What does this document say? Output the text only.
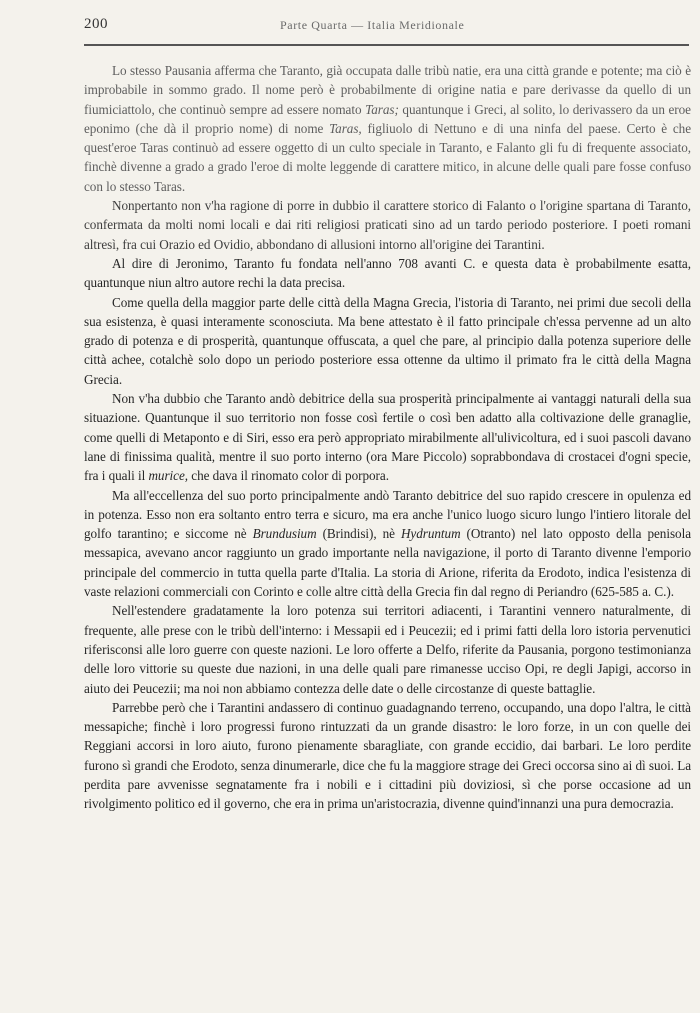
200	Parte Quarta — Italia Meridionale

Lo stesso Pausania afferma che Taranto, già occupata dalle tribù natie, era una città grande e potente; ma ciò è improbabile in sommo grado. Il nome però è probabilmente di origine natia e pare derivasse da quello di un fiumiciattolo, che continuò sempre ad essere nomato Taras; quantunque i Greci, al solito, lo derivassero da un eroe eponimo (che dà il proprio nome) di nome Taras, figliuolo di Nettuno e di una ninfa del paese. Certo è che quest'eroe Taras continuò ad essere oggetto di un culto speciale in Taranto, e Falanto gli fu di frequente associato, finchè divenne a grado a grado l'eroe di molte leggende di carattere mitico, in alcune delle quali pare fosse confuso con lo stesso Taras.

Nonpertanto non v'ha ragione di porre in dubbio il carattere storico di Falanto o l'origine spartana di Taranto, confermata da molti nomi locali e dai riti religiosi praticati sino ad un tardo periodo posteriore. I poeti romani altresì, fra cui Orazio ed Ovidio, abbondano di allusioni intorno all'origine dei Tarantini.

Al dire di Jeronimo, Taranto fu fondata nell'anno 708 avanti C. e questa data è probabilmente esatta, quantunque niun altro autore rechi la data precisa.

Come quella della maggior parte delle città della Magna Grecia, l'istoria di Taranto, nei primi due secoli della sua esistenza, è quasi interamente sconosciuta. Ma bene attestato è il fatto principale ch'essa pervenne ad un alto grado di potenza e di prosperità, quantunque offuscata, a quel che pare, al principio dalla potenza superiore delle città achee, cotalchè solo dopo un periodo posteriore essa ottenne da ultimo il primato fra le città della Magna Grecia.

Non v'ha dubbio che Taranto andò debitrice della sua prosperità principalmente ai vantaggi naturali della sua situazione. Quantunque il suo territorio non fosse così fertile o così ben adatto alla coltivazione delle granaglie, come quelli di Metaponto e di Siri, esso era però appropriato mirabilmente all'ulivicoltura, ed i suoi pascoli davano lane di finissima qualità, mentre il suo porto interno (ora Mare Piccolo) soprabbondava di crostacei d'ogni specie, fra i quali il murice, che dava il rinomato color di porpora.

Ma all'eccellenza del suo porto principalmente andò Taranto debitrice del suo rapido crescere in opulenza ed in potenza. Esso non era soltanto entro terra e sicuro, ma era anche l'unico luogo sicuro lungo l'intiero litorale del golfo tarantino; e siccome nè Brundusium (Brindisi), nè Hydruntum (Otranto) nel lato opposto della penisola messapica, avevano ancor raggiunto un grado importante nella navigazione, il porto di Taranto divenne l'emporio principale del commercio in tutta quella parte d'Italia. La storia di Arione, riferita da Erodoto, indica l'esistenza di vaste relazioni commerciali con Corinto e colle altre città della Grecia fin dal regno di Periandro (625-585 a. C.).

Nell'estendere gradatamente la loro potenza sui territori adiacenti, i Tarantini vennero naturalmente, di frequente, alle prese con le tribù dell'interno: i Messapii ed i Peucezii; ed i primi fatti della loro istoria pervenutici riferisconsi alle loro guerre con queste nazioni. Le loro offerte a Delfo, riferite da Pausania, porgono testimonianza delle loro vittorie su queste due nazioni, in una delle quali pare rimanesse ucciso Opi, re degli Japigi, accorso in aiuto dei Peucezii; ma noi non abbiamo contezza delle date o delle circostanze di queste battaglie.

Parrebbe però che i Tarantini andassero di continuo guadagnando terreno, occupando, una dopo l'altra, le città messapiche; finchè i loro progressi furono rintuzzati da un grande disastro: le loro forze, in un con quelle dei Reggiani accorsi in loro aiuto, furono pienamente sbaragliate, con grande eccidio, dai barbari. Le loro perdite furono sì grandi che Erodoto, senza dinumerarle, dice che fu la maggiore strage dei Greci occorsa sino ai dì suoi. La perdita pare avvenisse segnatamente fra i nobili e i cittadini più doviziosi, sì che porse occasione ad un rivolgimento politico ed il governo, che era in prima un'aristocrazia, divenne quind'innanzi una pura democrazia.
